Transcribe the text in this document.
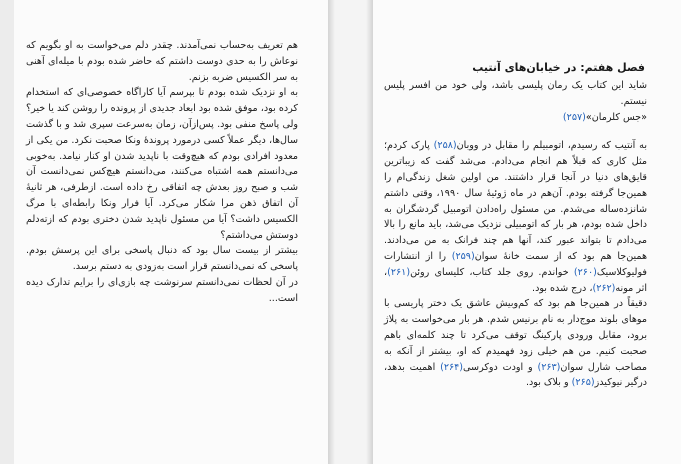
هم تعریف به‌حساب نمی‌آمدند. چقدر دلم می‌خواست به او بگویم که نوعاش را به حدی دوست داشتم که حاضر شده بودم با میله‌ای آهنی به سر الکسیس ضربه بزنم.

به او نزدیک شده بودم تا بپرسم آیا کاراگاه خصوصی‌ای که استخدام کرده بود، موفق شده بود ابعاد جدیدی از پرونده را روشن کند یا خیر؟ ولی پاسخ منفی بود. پس‌ازآن، زمان به‌سرعت سپری شد و با گذشت سال‌ها، دیگر عملاً کسی درمورد پروندهٔ ونکا صحبت نکرد. من یکی از معدود افرادی بودم که هیچ‌وقت با ناپدید شدن او کنار نیامد. به‌خوبی می‌دانستم همه اشتباه می‌کنند، می‌دانستم هیچ‌کس نمی‌دانست آن شب و صبح روز بعدش چه اتفاقی رخ داده است. ازطرفی، هر ثانیهٔ آن اتفاق ذهن مرا شکار می‌کرد. آیا فرار ونکا رابطه‌ای با مرگ الکسیس داشت؟ آیا من مسئول ناپدید شدن دختری بودم که ازته‌دلم دوستش می‌داشتم؟

بیشتر از بیست سال بود که دنبال پاسخی برای این پرسش بودم. پاسخی که نمی‌دانستم قرار است به‌زودی به دستم برسد.

در آن لحظات نمی‌دانستم سرنوشت چه بازی‌ای را برایم تدارک دیده است...

فصل هفتم: در خیابان‌های آنتیب

شاید این کتاب یک رمان پلیسی باشد، ولی خود من افسر پلیس نیستم.
«جس کلرمان»(۲۵۷)

به آنتیب که رسیدم، اتومبیلم را مقابل در ووبان(۲۵۸) پارک کردم؛ مثل کاری که قبلاً هم انجام می‌دادم. می‌شد گفت که زیباترین قایق‌های دنیا در آنجا قرار داشتند. من اولین شغل زندگی‌ام را همین‌جا گرفته بودم. آن‌هم در ماه ژوئیهٔ سال ۱۹۹۰، وقتی داشتم شانزده‌ساله می‌شدم. من مسئول راه‌دادن اتومبیل گردشگران به داخل شده بودم، هر بار که اتومبیلی نزدیک می‌شد، باید مانع را بالا می‌دادم تا بتواند عبور کند، آنها هم چند فرانک به من می‌دادند. همین‌جا هم بود که از سمت خانهٔ سوان(۲۵۹) را از انتشارات فولیوکلاسیک(۲۶۰) خواندم. روی جلد کتاب، کلیسای روئن(۲۶۱)، اثر مونه(۲۶۲)، درج شده بود.

دقیقاً در همین‌جا هم بود که کم‌وبیش عاشق یک دختر پاریسی با موهای بلوند موج‌دار به نام برنیس شدم. هر بار می‌خواست به پلاژ برود، مقابل ورودی پارکینگ توقف می‌کرد تا چند کلمه‌ای باهم صحبت کنیم. من هم خیلی زود فهمیدم که او، بیشتر از آنکه به مصاحب شارل سوان(۲۶۳) و اودت دوکرسی(۲۶۴) اهمیت بدهد، درگیر نیوکیدز(۲۶۵) و بلاک بود.
